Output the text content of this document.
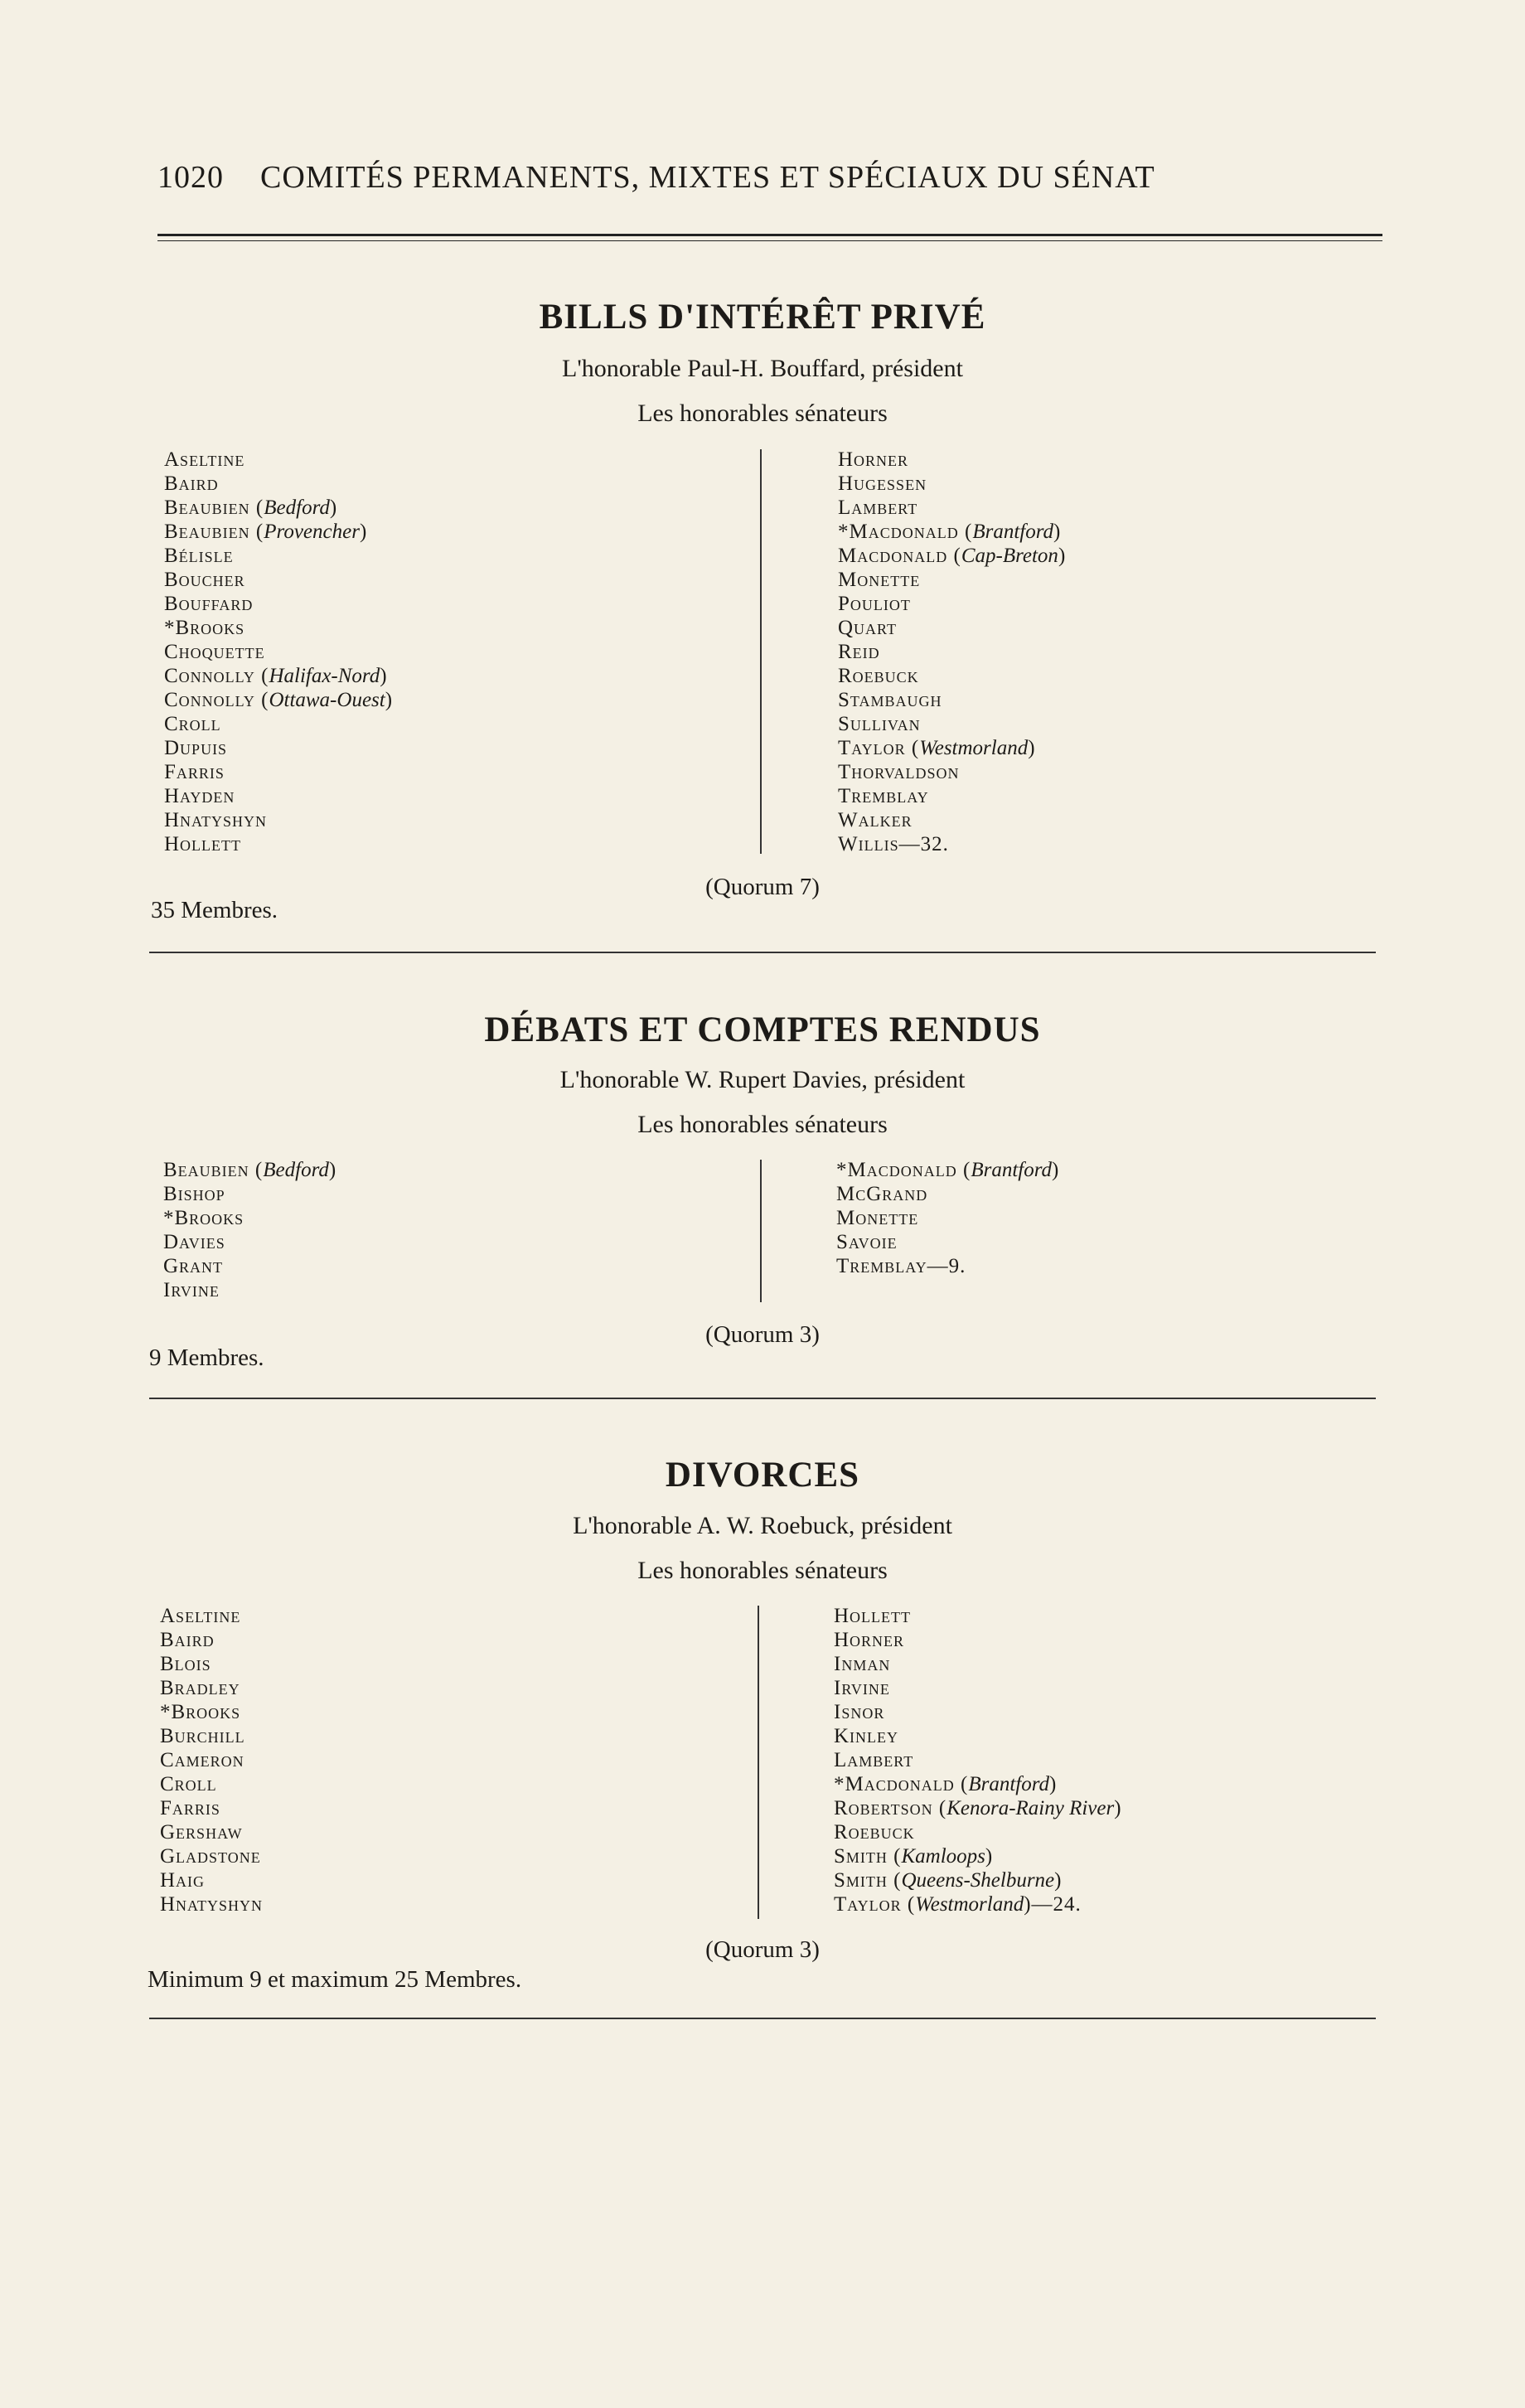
1020 COMITÉS PERMANENTS, MIXTES ET SPÉCIAUX DU SÉNAT
BILLS D'INTÉRÊT PRIVÉ
L'honorable Paul-H. Bouffard, président
Les honorables sénateurs
Aseltine
Baird
Beaubien (Bedford)
Beaubien (Provencher)
Bélisle
Boucher
Bouffard
*Brooks
Choquette
Connolly (Halifax-Nord)
Connolly (Ottawa-Ouest)
Croll
Dupuis
Farris
Hayden
Hnatyshyn
Hollett
Horner
Hugessen
Lambert
*Macdonald (Brantford)
Macdonald (Cap-Breton)
Monette
Pouliot
Quart
Reid
Roebuck
Stambaugh
Sullivan
Taylor (Westmorland)
Thorvaldson
Tremblay
Walker
Willis—32.
(Quorum 7)
35 Membres.
DÉBATS ET COMPTES RENDUS
L'honorable W. Rupert Davies, président
Les honorables sénateurs
Beaubien (Bedford)
Bishop
*Brooks
Davies
Grant
Irvine
*Macdonald (Brantford)
McGrand
Monette
Savoie
Tremblay—9.
(Quorum 3)
9 Membres.
DIVORCES
L'honorable A. W. Roebuck, président
Les honorables sénateurs
Aseltine
Baird
Blois
Bradley
*Brooks
Burchill
Cameron
Croll
Farris
Gershaw
Gladstone
Haig
Hnatyshyn
Hollett
Horner
Inman
Irvine
Isnor
Kinley
Lambert
*Macdonald (Brantford)
Robertson (Kenora-Rainy River)
Roebuck
Smith (Kamloops)
Smith (Queens-Shelburne)
Taylor (Westmorland)—24.
(Quorum 3)
Minimum 9 et maximum 25 Membres.
